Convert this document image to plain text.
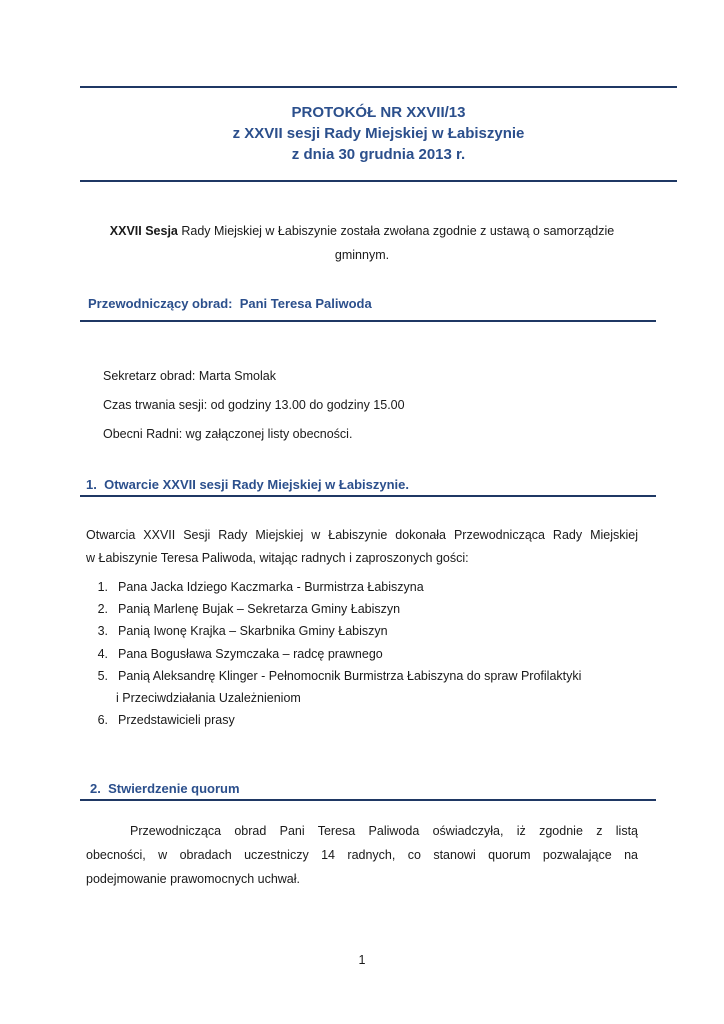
PROTOKÓŁ NR XXVII/13
z XXVII sesji Rady Miejskiej w Łabiszynie
z dnia 30 grudnia 2013 r.
XXVII Sesja Rady Miejskiej w Łabiszynie została zwołana zgodnie z ustawą o samorządzie
gminnym.
Przewodniczący obrad: Pani Teresa Paliwoda
Sekretarz obrad: Marta Smolak
Czas trwania sesji: od godziny 13.00 do godziny 15.00
Obecni Radni: wg załączonej listy obecności.
1. Otwarcie XXVII sesji Rady Miejskiej w Łabiszynie.
Otwarcia XXVII Sesji Rady Miejskiej w Łabiszynie dokonała Przewodnicząca Rady Miejskiej
w Łabiszynie Teresa Paliwoda, witając radnych i zaproszonych gości:
1. Pana Jacka Idziego Kaczmarka - Burmistrza Łabiszyna
2. Panią Marlenę Bujak – Sekretarza Gminy Łabiszyn
3. Panią Iwonę Krajka – Skarbnika Gminy Łabiszyn
4. Pana Bogusława Szymczaka – radcę prawnego
5. Panią Aleksandrę Klinger - Pełnomocnik Burmistrza Łabiszyna do spraw Profilaktyki
i Przeciwdziałania Uzależnieniom
6. Przedstawicieli prasy
2. Stwierdzenie quorum
Przewodnicząca obrad Pani Teresa Paliwoda oświadczyła, iż zgodnie z listą
obecności, w obradach uczestniczy 14 radnych, co stanowi quorum pozwalające na
podejmowanie prawomocnych uchwał.
1
